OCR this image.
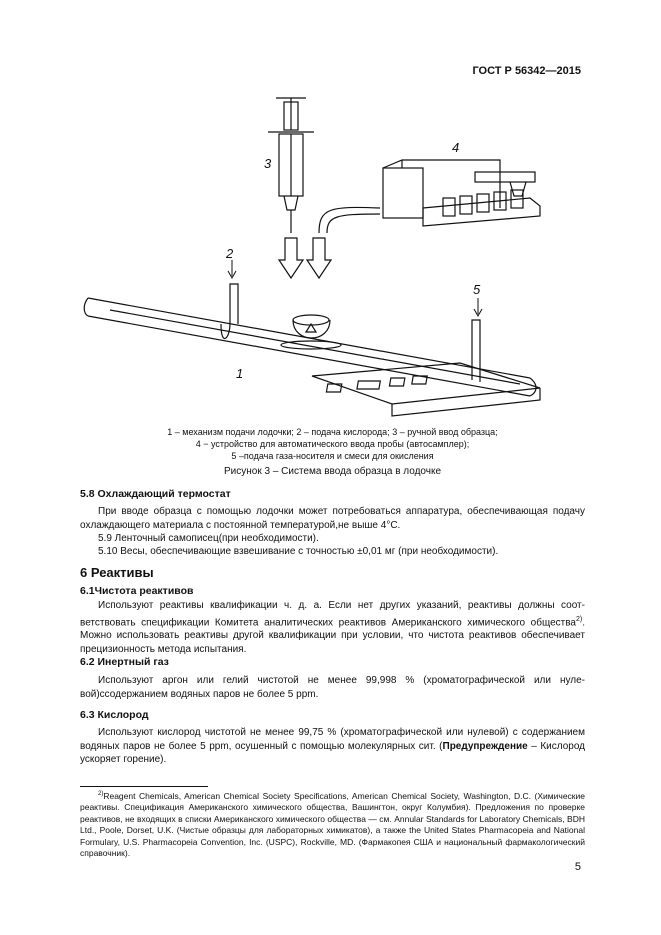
ГОСТ Р 56342—2015
1
2
3
4
5
1 – механизм подачи лодочки; 2 – подача кислорода; 3 – ручной ввод образца;
4 − устройство для автоматического ввода пробы (автосамплер);
5 –подача газа-носителя и смеси для окисления
Рисунок 3 – Система ввода образца в лодочке
5.8 Охлаждающий термостат
При вводе образца с помощью лодочки может потребоваться аппаратура, обеспечивающая подачу охлаждающего материала с постоянной температурой,не выше 4°С.
5.9 Ленточный самописец(при необходимости).
5.10 Весы, обеспечивающие взвешивание с точностью ±0,01 мг (при необходимости).
6 Реактивы
6.1Чистота реактивов
Используют реактивы квалификации ч. д. а. Если нет других указаний, реактивы должны соответствовать спецификации Комитета аналитических реактивов Американского химического общества$^{2)}$. Можно использовать реактивы другой квалификации при условии, что чистота реактивов обеспечивает прецизионность метода испытания.
6.2 Инертный газ
Используют аргон или гелий чистотой не менее 99,998 % (хроматографической или нулевой)ссодержанием водяных паров не более 5 ppm.
6.3 Кислород
Используют кислород чистотой не менее 99,75 % (хроматографической или нулевой) с содержанием водяных паров не более 5 ppm, осушенный с помощью молекулярных сит. (Предупреждение – Кислород ускоряет горение).
$^{2)}$Reagent Chemicals, American Chemical Society Specifications, American Chemical Society, Washington, D.C. (Химические реактивы. Спецификация Американского химического общества, Вашингтон, округ Колумбия). Предложения по проверке реактивов, не входящих в списки Американского химического общества — см. Annular Standards for Laboratory Chemicals, BDH Ltd., Poole, Dorset, U.K. (Чистые образцы для лабораторных химикатов), а также the United States Pharmacopeia and National Formulary, U.S. Pharmacopeia Convention, Inc. (USPC), Rockville, MD. (Фармакопея США и национальный фармакологический справочник).
5
